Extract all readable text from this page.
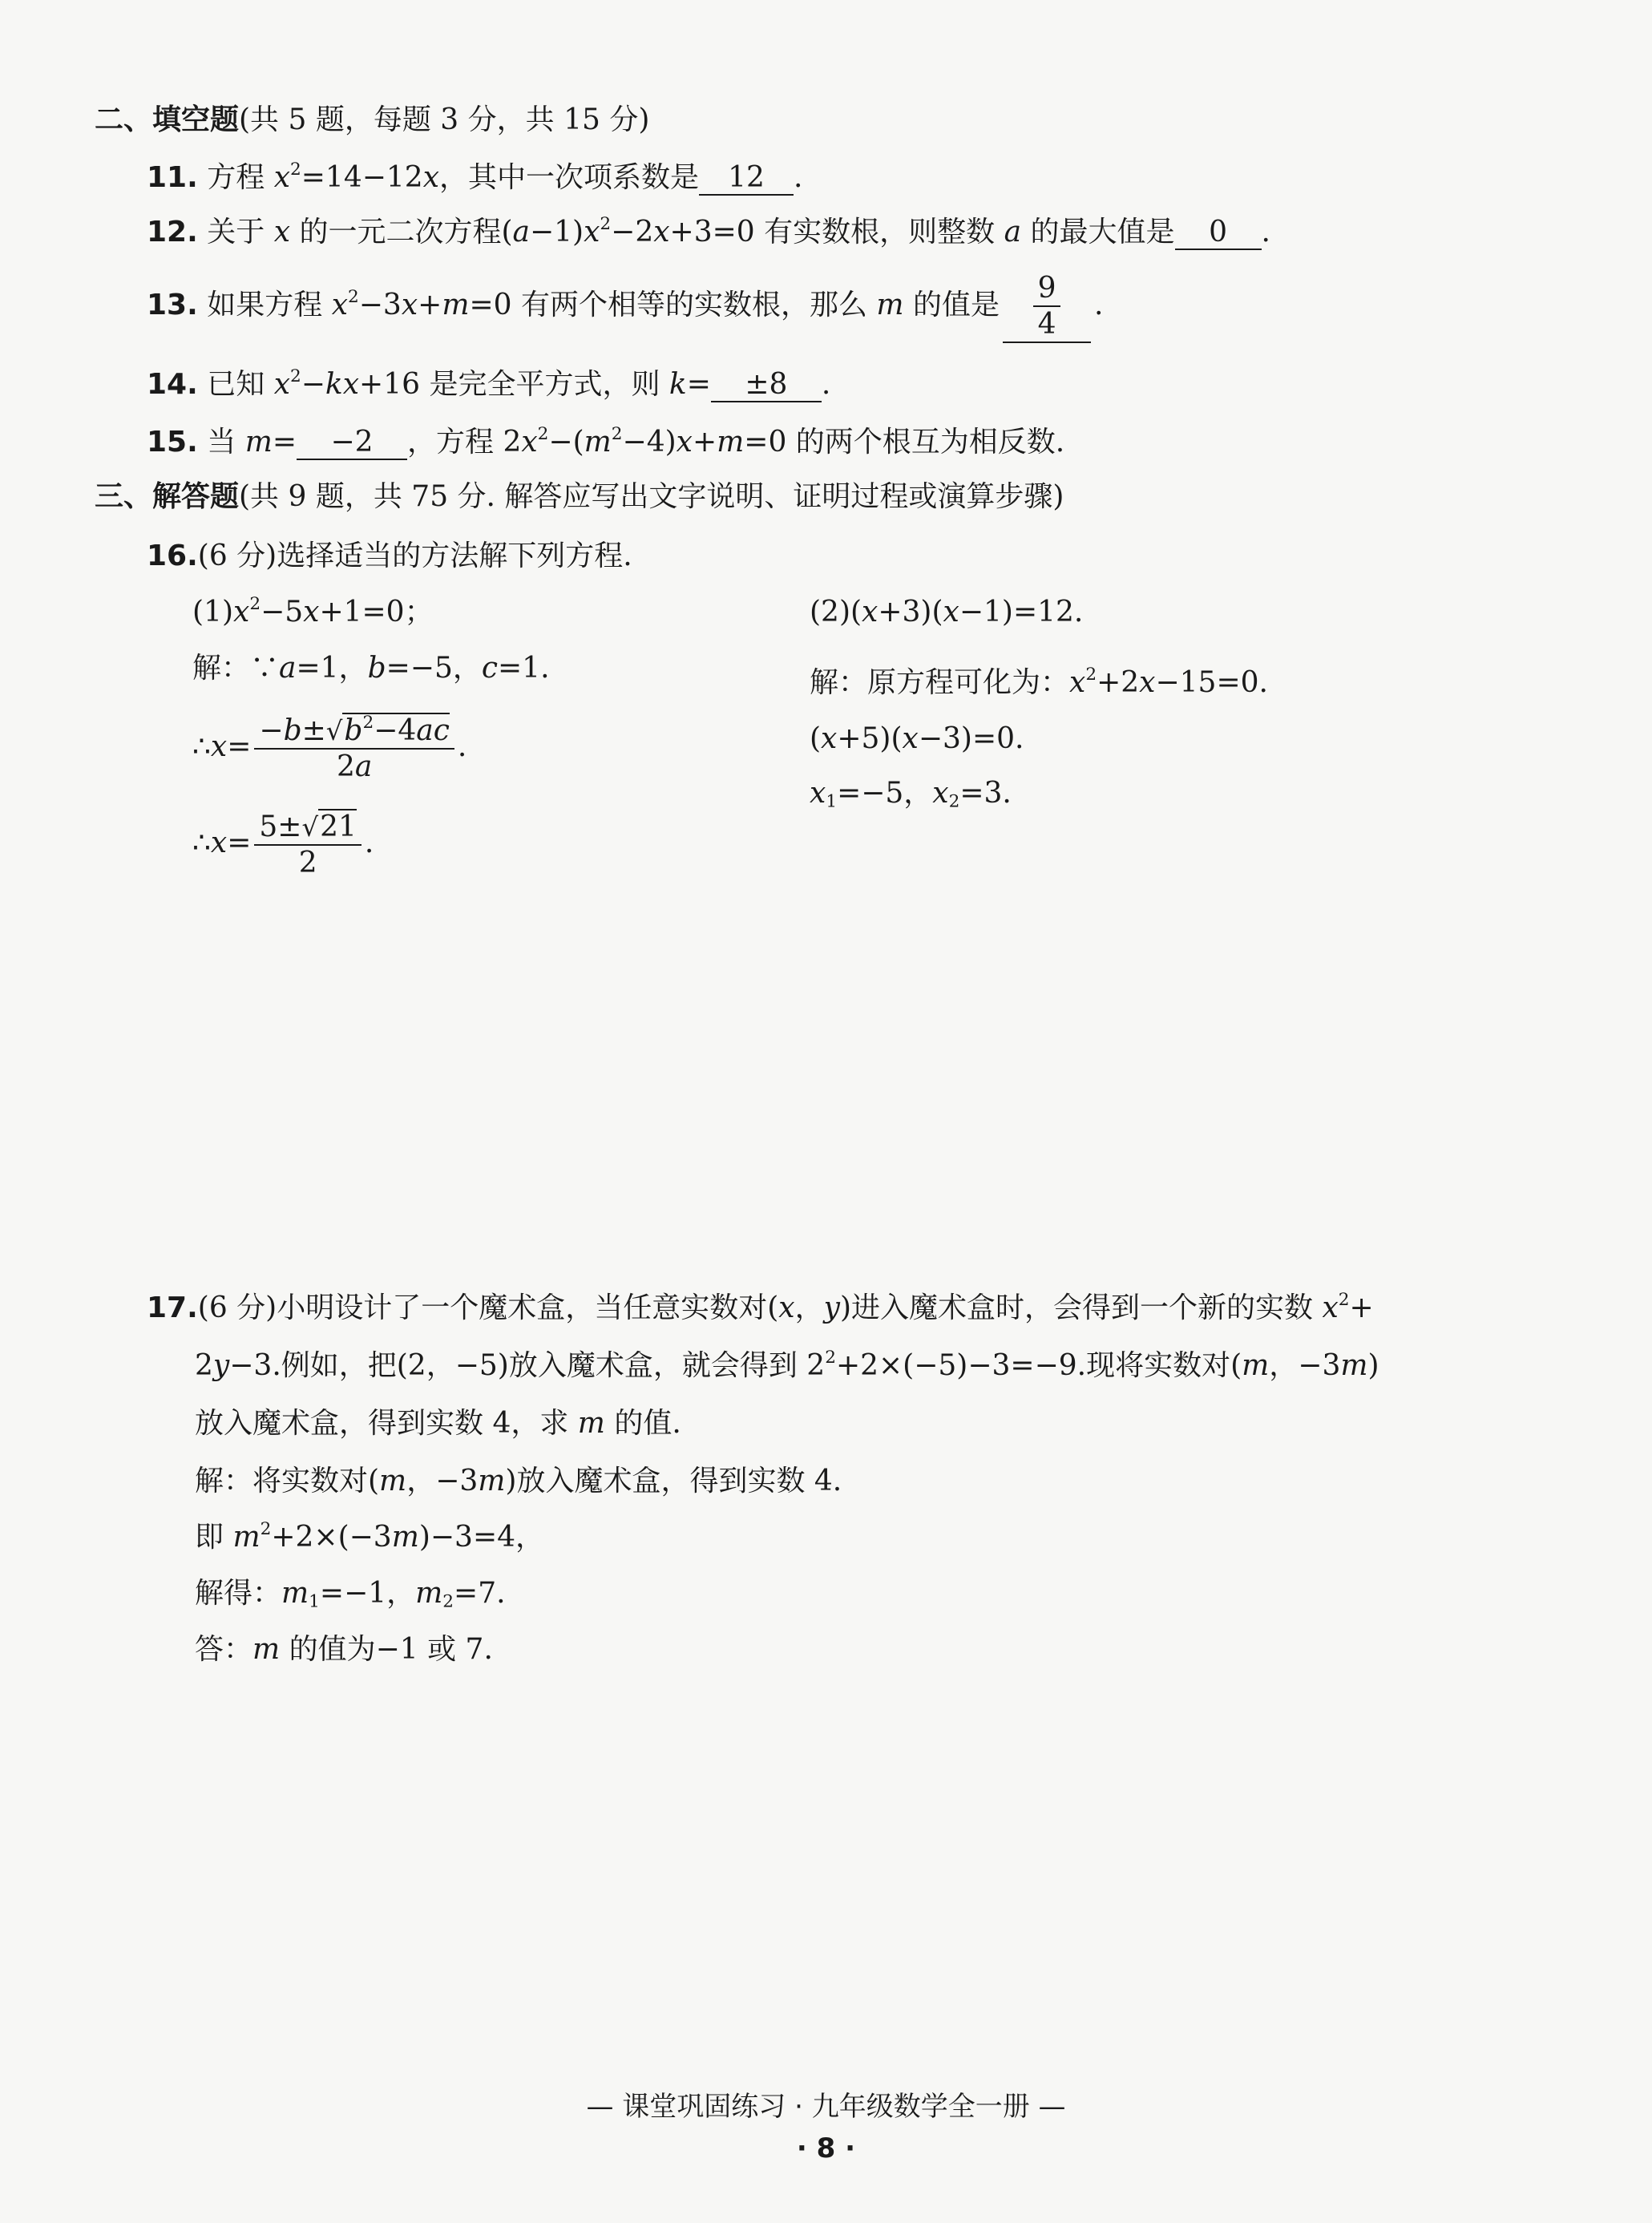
二、填空题(共 5 题，每题 3 分，共 15 分)
11. 方程 $x^2=14-12x$，其中一次项系数是 12 .
12. 关于 x 的一元二次方程$(a-1)x^2-2x+3=0$ 有实数根，则整数 a 的最大值是 0 .
13. 如果方程 $x^2-3x+m=0$ 有两个相等的实数根，那么 m 的值是 $\frac{9}{4}$ .
14. 已知 $x^2-kx+16$ 是完全平方式，则 k= ±8 .
15. 当 m= −2 ，方程 $2x^2-(m^2-4)x+m=0$ 的两个根互为相反数.
三、解答题(共 9 题，共 75 分. 解答应写出文字说明、证明过程或演算步骤)
16.(6 分)选择适当的方法解下列方程.
$(1)x^2-5x+1=0$；
解：∵a=1，b=−5，c=1.
∴x= $\frac{-b\pm√b^2-4ac}{2a}$ .
∴x= $\frac{5\pm√21}{2}$ .
(2)(x+3)(x−1)=12.
解：原方程可化为：$x^2+2x-15=0$.
(x+5)(x−3)=0.
$x_1=-5$，$x_2=3$.
17.(6 分)小明设计了一个魔术盒，当任意实数对(x，y)进入魔术盒时，会得到一个新的实数 $x^2+$
2y−3.例如，把(2，−5)放入魔术盒，就会得到 $2^2+2\times(-5)-3=-9$.现将实数对(m，−3m)
放入魔术盒，得到实数 4，求 m 的值.
解：将实数对(m，−3m)放入魔术盒，得到实数 4.
即 $m^2+2\times(-3m)-3=4$，
解得：$m_1=-1$，$m_2=7$.
答：m 的值为−1 或 7.
— 课堂巩固练习 · 九年级数学全一册 —
· 8 ·
